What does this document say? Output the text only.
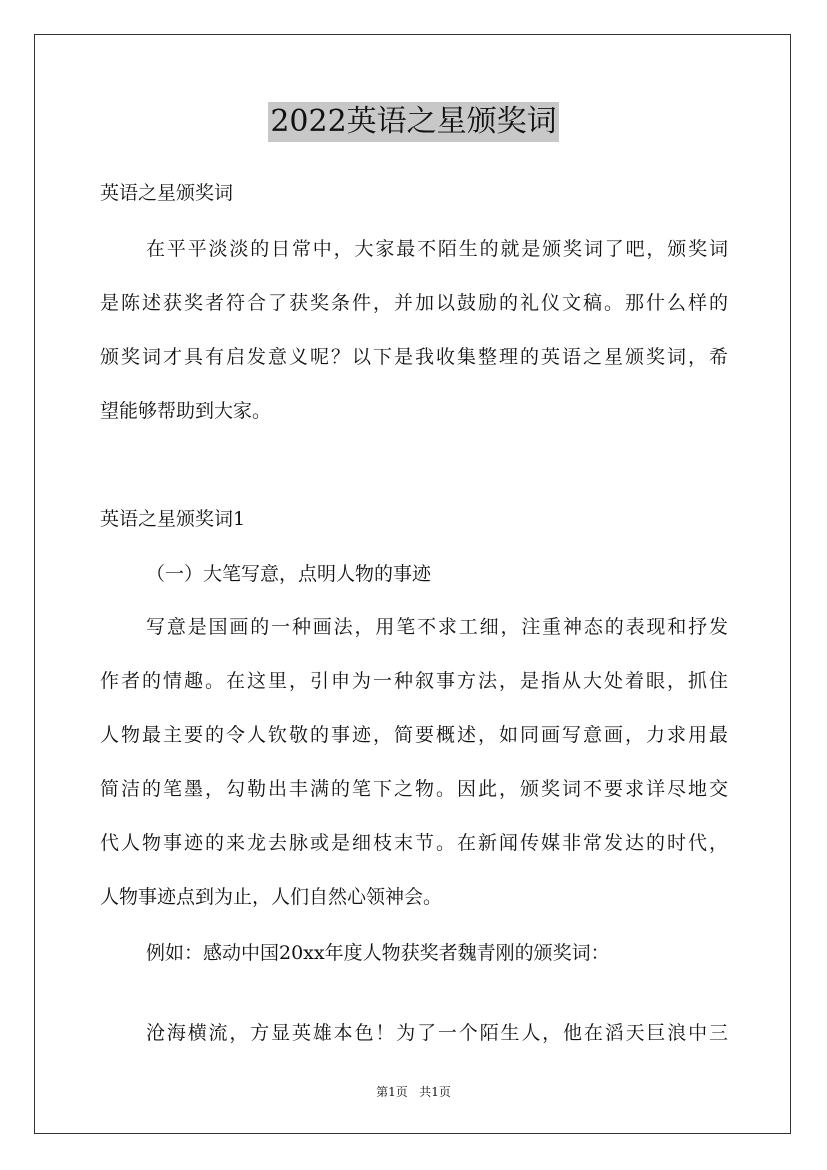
2022英语之星颁奖词
英语之星颁奖词
在平平淡淡的日常中，大家最不陌生的就是颁奖词了吧，颁奖词
是陈述获奖者符合了获奖条件，并加以鼓励的礼仪文稿。那什么样的
颁奖词才具有启发意义呢？以下是我收集整理的英语之星颁奖词，希
望能够帮助到大家。
英语之星颁奖词1
（一）大笔写意，点明人物的事迹
写意是国画的一种画法，用笔不求工细，注重神态的表现和抒发
作者的情趣。在这里，引申为一种叙事方法，是指从大处着眼，抓住
人物最主要的令人钦敬的事迹，简要概述，如同画写意画，力求用最
简洁的笔墨，勾勒出丰满的笔下之物。因此，颁奖词不要求详尽地交
代人物事迹的来龙去脉或是细枝末节。在新闻传媒非常发达的时代，
人物事迹点到为止，人们自然心领神会。
例如：感动中国20xx年度人物获奖者魏青刚的颁奖词：
沧海横流，方显英雄本色！为了一个陌生人，他在滔天巨浪中三
第1页 共1页
